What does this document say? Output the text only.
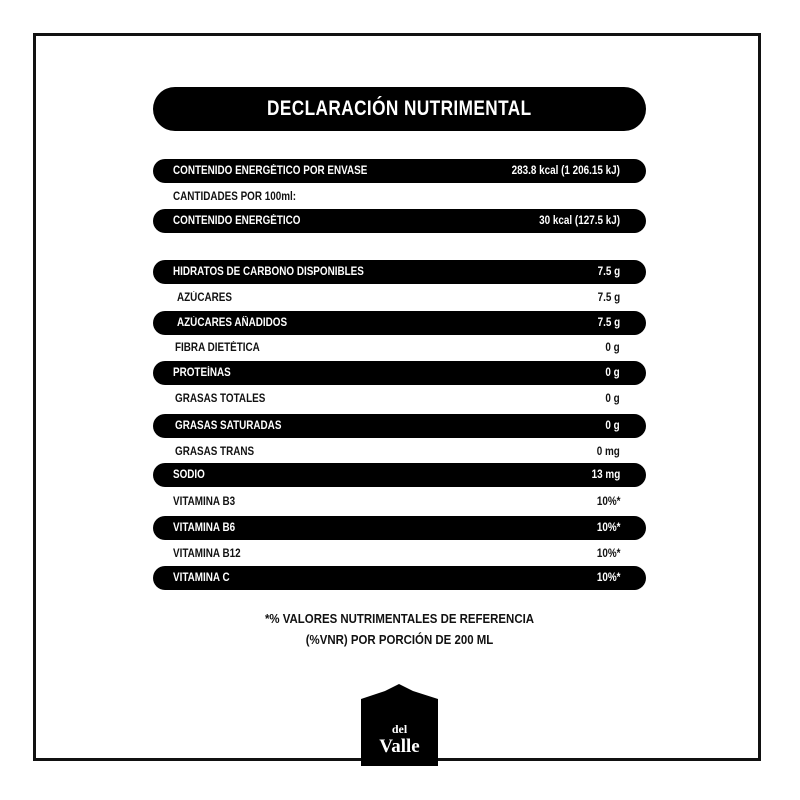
DECLARACIÓN NUTRIMENTAL
CONTENIDO ENERGÉTICO POR ENVASE	283.8 kcal (1 206.15 kJ)
CANTIDADES POR 100ml:
CONTENIDO ENERGÉTICO	30 kcal (127.5 kJ)
HIDRATOS DE CARBONO DISPONIBLES	7.5 g
AZÚCARES	7.5 g
AZÚCARES AÑADIDOS	7.5 g
FIBRA DIETÉTICA	0 g
PROTEÍNAS	0 g
GRASAS TOTALES	0 g
GRASAS SATURADAS	0 g
GRASAS TRANS	0 mg
SODIO	13 mg
VITAMINA B3	10%*
VITAMINA B6	10%*
VITAMINA B12	10%*
VITAMINA C	10%*
*% VALORES NUTRIMENTALES DE REFERENCIA
(%VNR) POR PORCIÓN DE 200 ML
del
Valle
